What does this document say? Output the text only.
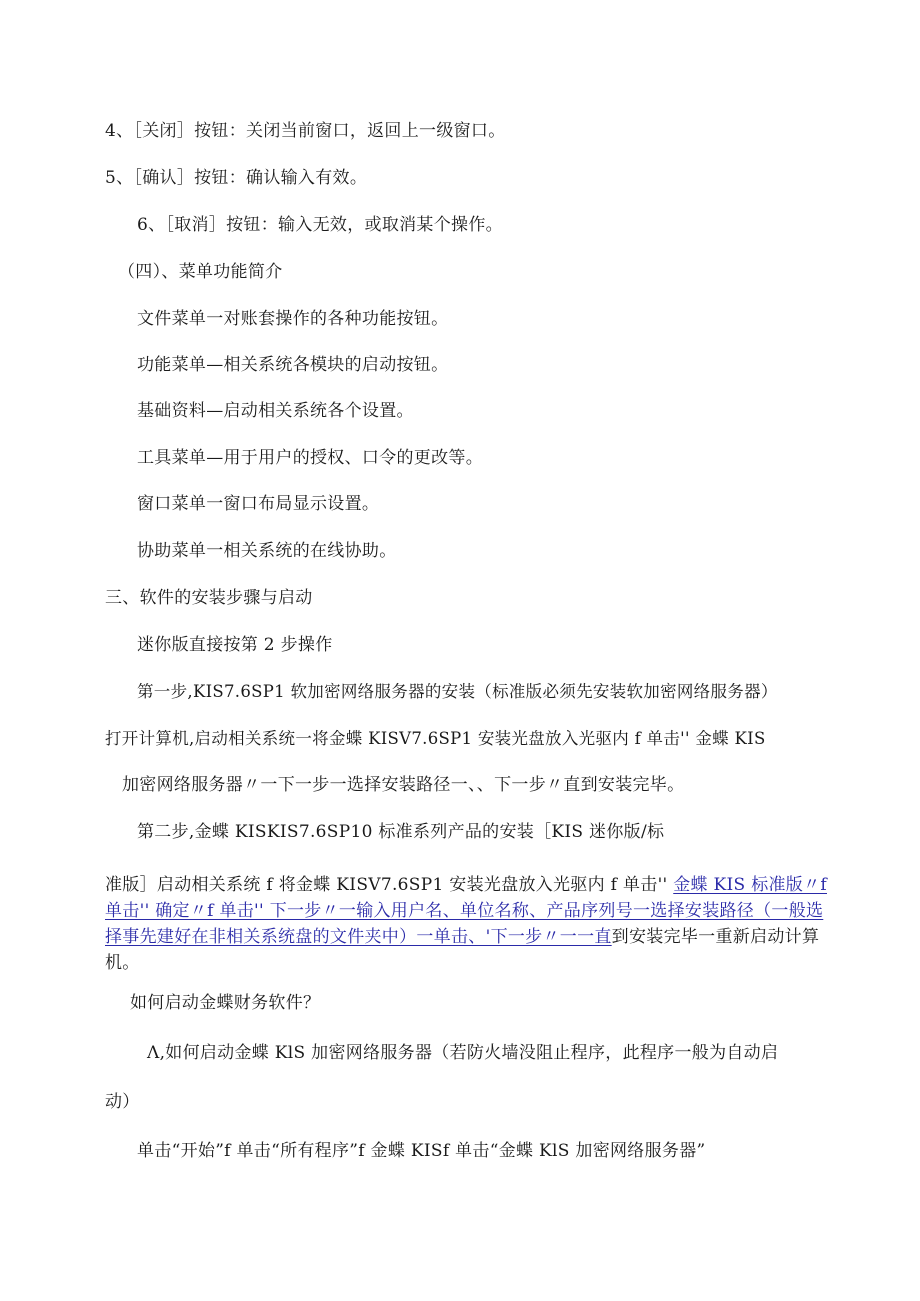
4、［关闭］按钮：关闭当前窗口，返回上一级窗口。
5、［确认］按钮：确认输入有效。
6、［取消］按钮：输入无效，或取消某个操作。
（四）、菜单功能简介
文件菜单一对账套操作的各种功能按钮。
功能菜单—相关系统各模块的启动按钮。
基础资料—启动相关系统各个设置。
工具菜单—用于用户的授权、口令的更改等。
窗口菜单一窗口布局显示设置。
协助菜单一相关系统的在线协助。
三、软件的安装步骤与启动
迷你版直接按第 2 步操作
第一步,KIS7.6SP1 软加密网络服务器的安装（标准版必须先安装软加密网络服务器）
打开计算机,启动相关系统一将金蝶 KISV7.6SP1 安装光盘放入光驱内 f 单击'' 金蝶 KIS
加密网络服务器〃一下一步一选择安装路径一、、下一步〃直到安装完毕。
第二步,金蝶 KISKIS7.6SP10 标准系列产品的安装［KIS 迷你版/标
准版］启动相关系统 f 将金蝶 KISV7.6SP1 安装光盘放入光驱内 f 单击'' 金蝶 KIS 标准版〃f 单击'' 确定〃f 单击'' 下一步〃一输入用户名、单位名称、产品序列号一选择安装路径（一般选择事先建好在非相关系统盘的文件夹中）一单击、'下一步〃一一直到安装完毕一重新启动计算机。
如何启动金蝶财务软件？
Λ,如何启动金蝶 KlS 加密网络服务器（若防火墙没阻止程序，此程序一般为自动启
动）
单击“开始”f 单击“所有程序”f 金蝶 KISf 单击“金蝶 KlS 加密网络服务器”
